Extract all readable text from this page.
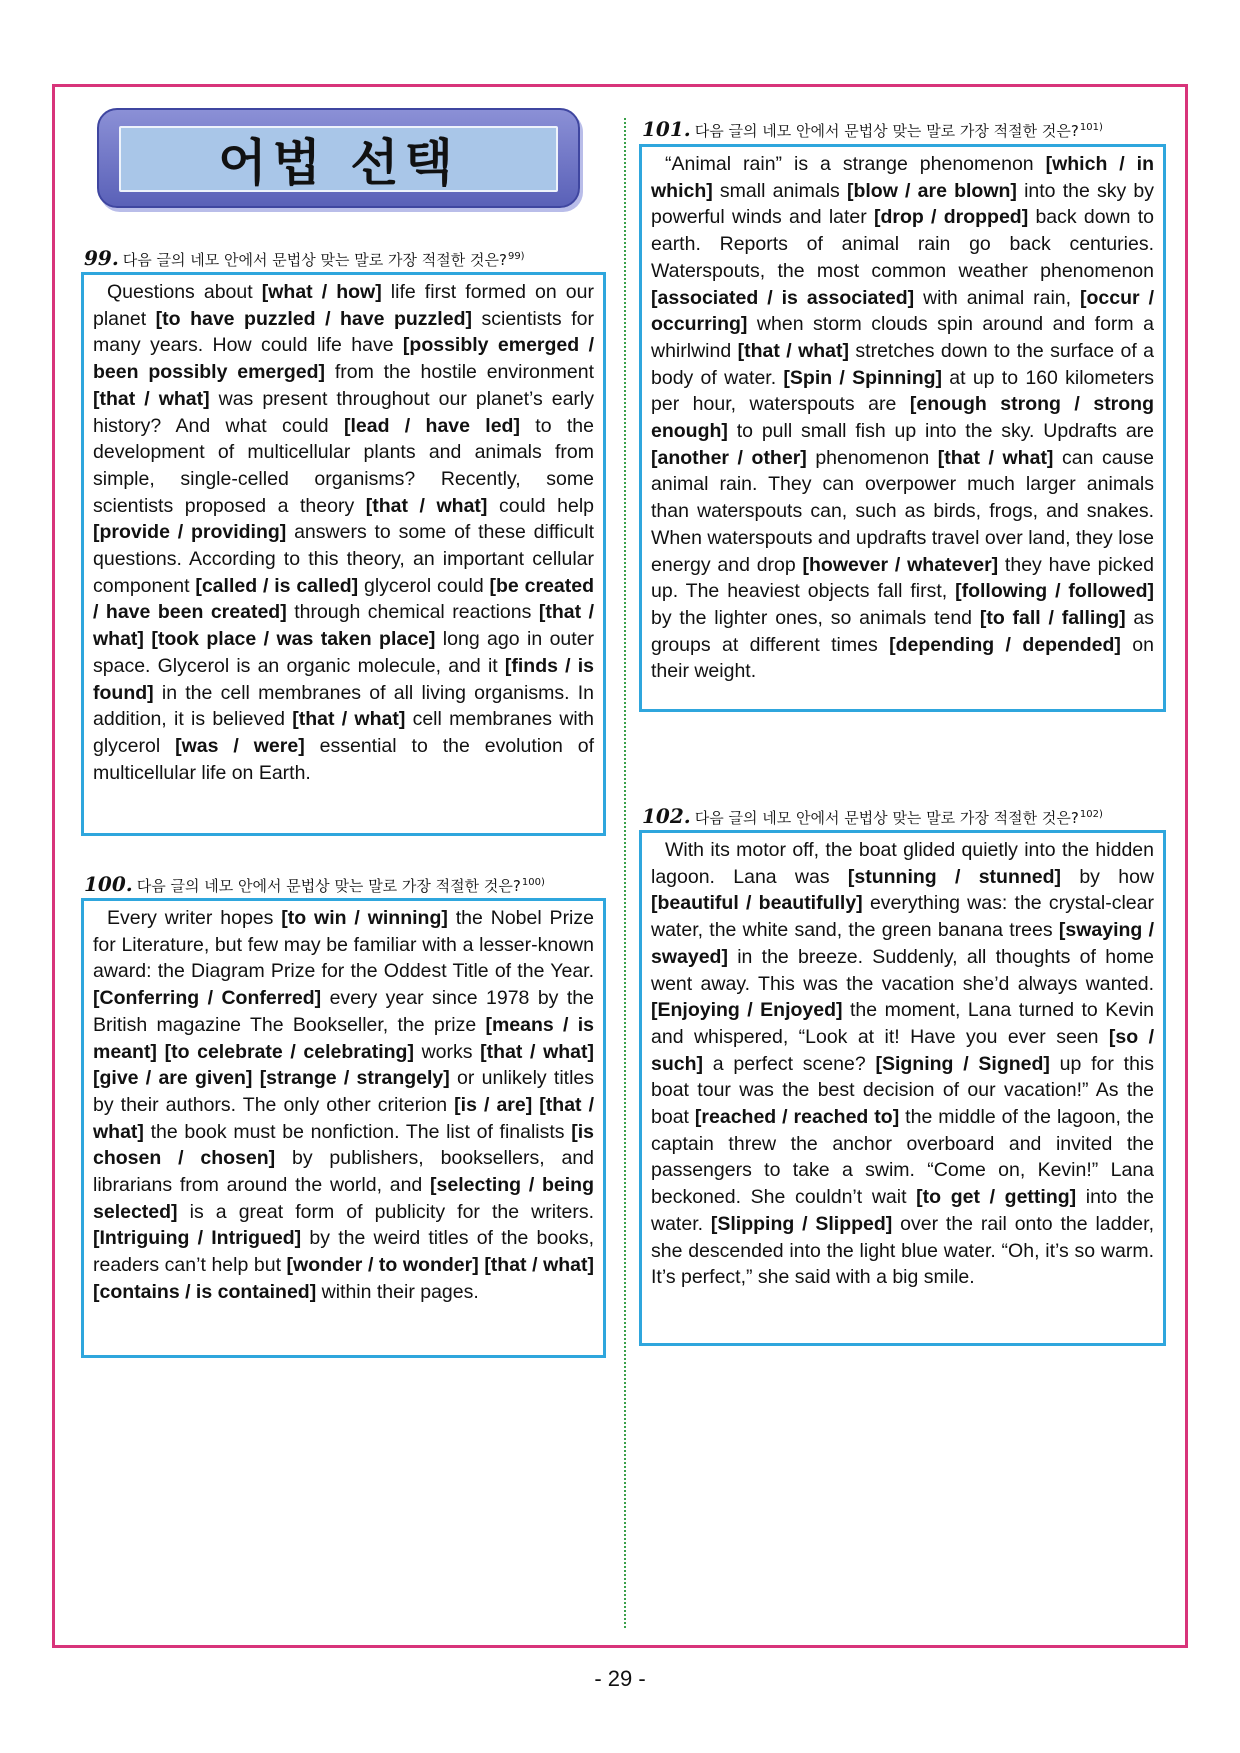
어법 선택
99. 다음 글의 네모 안에서 문법상 맞는 말로 가장 적절한 것은?$^{99)}$

Questions about [what / how] life first formed on our planet [to have puzzled / have puzzled] scientists for many years. How could life have [possibly emerged / been possibly emerged] from the hostile environment [that / what] was present throughout our planet’s early history? And what could [lead / have led] to the development of multicellular plants and animals from simple, single-celled organisms? Recently, some scientists proposed a theory [that / what] could help [provide / providing] answers to some of these difficult questions. According to this theory, an important cellular component [called / is called] glycerol could [be created / have been created] through chemical reactions [that / what] [took place / was taken place] long ago in outer space. Glycerol is an organic molecule, and it [finds / is found] in the cell membranes of all living organisms. In addition, it is believed [that / what] cell membranes with glycerol [was / were] essential to the evolution of multicellular life on Earth.

100. 다음 글의 네모 안에서 문법상 맞는 말로 가장 적절한 것은?$^{100)}$

Every writer hopes [to win / winning] the Nobel Prize for Literature, but few may be familiar with a lesser-known award: the Diagram Prize for the Oddest Title of the Year. [Conferring / Conferred] every year since 1978 by the British magazine The Bookseller, the prize [means / is meant] [to celebrate / celebrating] works [that / what] [give / are given] [strange / strangely] or unlikely titles by their authors. The only other criterion [is / are] [that / what] the book must be nonfiction. The list of finalists [is chosen / chosen] by publishers, booksellers, and librarians from around the world, and [selecting / being selected] is a great form of publicity for the writers. [Intriguing / Intrigued] by the weird titles of the books, readers can’t help but [wonder / to wonder] [that / what] [contains / is contained] within their pages.

101. 다음 글의 네모 안에서 문법상 맞는 말로 가장 적절한 것은?$^{101)}$

“Animal rain” is a strange phenomenon [which / in which] small animals [blow / are blown] into the sky by powerful winds and later [drop / dropped] back down to earth. Reports of animal rain go back centuries. Waterspouts, the most common weather phenomenon [associated / is associated] with animal rain, [occur / occurring] when storm clouds spin around and form a whirlwind [that / what] stretches down to the surface of a body of water. [Spin / Spinning] at up to 160 kilometers per hour, waterspouts are [enough strong / strong enough] to pull small fish up into the sky. Updrafts are [another / other] phenomenon [that / what] can cause animal rain. They can overpower much larger animals than waterspouts can, such as birds, frogs, and snakes. When waterspouts and updrafts travel over land, they lose energy and drop [however / whatever] they have picked up. The heaviest objects fall first, [following / followed] by the lighter ones, so animals tend [to fall / falling] as groups at different times [depending / depended] on their weight.

102. 다음 글의 네모 안에서 문법상 맞는 말로 가장 적절한 것은?$^{102)}$

With its motor off, the boat glided quietly into the hidden lagoon. Lana was [stunning / stunned] by how [beautiful / beautifully] everything was: the crystal-clear water, the white sand, the green banana trees [swaying / swayed] in the breeze. Suddenly, all thoughts of home went away. This was the vacation she’d always wanted. [Enjoying / Enjoyed] the moment, Lana turned to Kevin and whispered, “Look at it! Have you ever seen [so / such] a perfect scene? [Signing / Signed] up for this boat tour was the best decision of our vacation!” As the boat [reached / reached to] the middle of the lagoon, the captain threw the anchor overboard and invited the passengers to take a swim. “Come on, Kevin!” Lana beckoned. She couldn’t wait [to get / getting] into the water. [Slipping / Slipped] over the rail onto the ladder, she descended into the light blue water. “Oh, it’s so warm. It’s perfect,” she said with a big smile.

- 29 -
